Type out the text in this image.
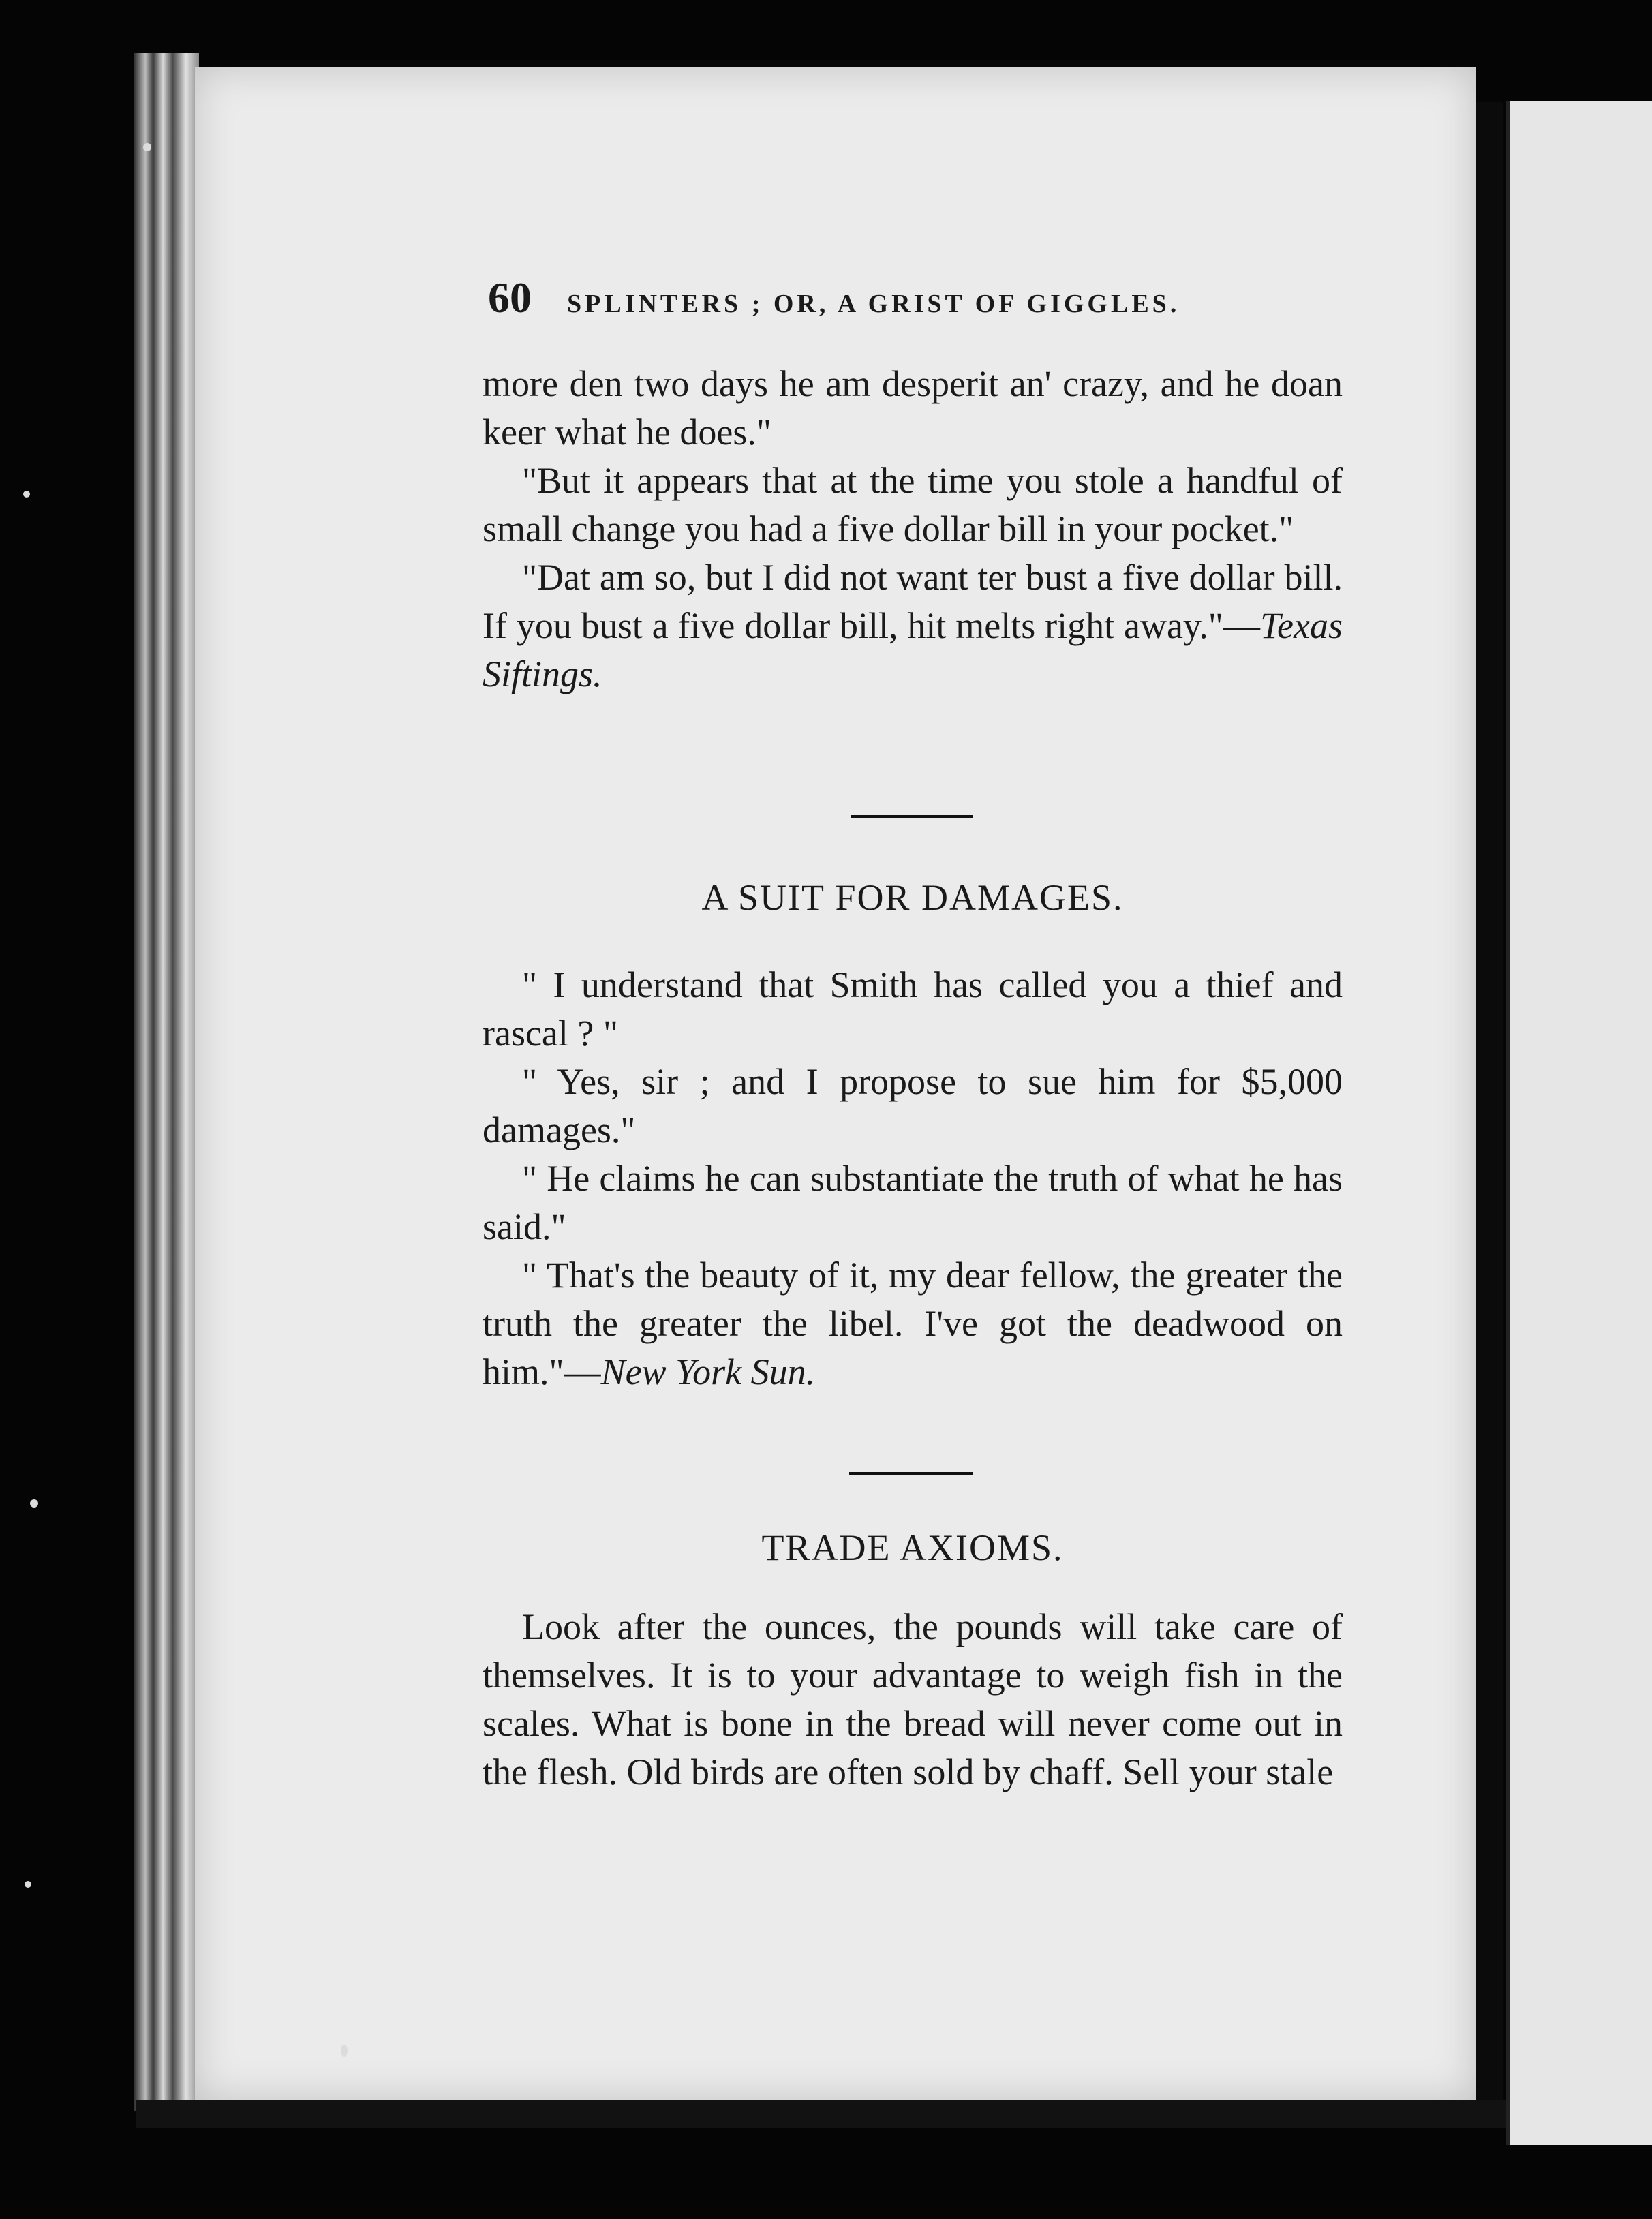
60 SPLINTERS ; OR, A GRIST OF GIGGLES.

more den two days he am desperit an' crazy, and he doan keer what he does."

"But it appears that at the time you stole a handful of small change you had a five dollar bill in your pocket."

"Dat am so, but I did not want ter bust a five dollar bill. If you bust a five dollar bill, hit melts right away."—Texas Siftings.

A SUIT FOR DAMAGES.

" I understand that Smith has called you a thief and rascal ? "

" Yes, sir ; and I propose to sue him for $5,000 damages."

" He claims he can substantiate the truth of what he has said."

" That's the beauty of it, my dear fellow, the greater the truth the greater the libel. I've got the deadwood on him."—New York Sun.

TRADE AXIOMS.

Look after the ounces, the pounds will take care of themselves. It is to your advantage to weigh fish in the scales. What is bone in the bread will never come out in the flesh. Old birds are often sold by chaff. Sell your stale
